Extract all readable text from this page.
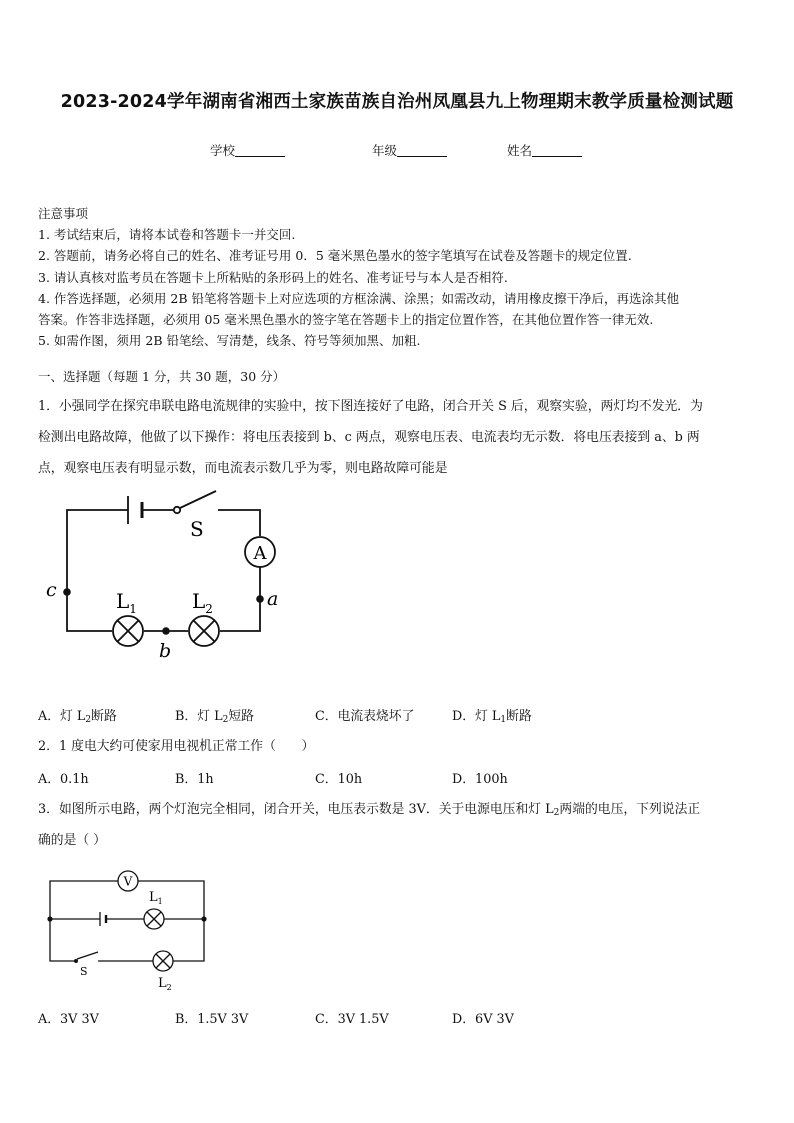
2023-2024学年湖南省湘西土家族苗族自治州凤凰县九上物理期末教学质量检测试题
学校	年级	姓名
注意事项
1. 考试结束后，请将本试卷和答题卡一并交回.
2. 答题前，请务必将自己的姓名、准考证号用 0．5 毫米黑色墨水的签字笔填写在试卷及答题卡的规定位置.
3. 请认真核对监考员在答题卡上所粘贴的条形码上的姓名、准考证号与本人是否相符.
4. 作答选择题，必须用 2B 铅笔将答题卡上对应选项的方框涂满、涂黑；如需改动，请用橡皮擦干净后，再选涂其他
答案。作答非选择题，必须用 05 毫米黑色墨水的签字笔在答题卡上的指定位置作答，在其他位置作答一律无效.
5. 如需作图，须用 2B 铅笔绘、写清楚，线条、符号等须加黑、加粗.
一、选择题（每题 1 分，共 30 题，30 分）
1．小强同学在探究串联电路电流规律的实验中，按下图连接好了电路，闭合开关 S 后，观察实验，两灯均不发光．为
检测出电路故障，他做了以下操作：将电压表接到 b、c 两点，观察电压表、电流表均无示数．将电压表接到 a、b 两
点，观察电压表有明显示数，而电流表示数几乎为零，则电路故障可能是
S
A
$L_1$	$L_2$
c	a
b
A．灯 $L_2$断路	B．灯 $L_2$短路	C．电流表烧坏了	D．灯 $L_1$断路
2．1 度电大约可使家用电视机正常工作（　　）
A．0.1h	B．1h	C．10h	D．100h
3．如图所示电路，两个灯泡完全相同，闭合开关，电压表示数是 3V．关于电源电压和灯 $L_2$两端的电压，下列说法正
确的是（ ）
V
$L_1$
$L_2$
S
A．3V 3V	B．1.5V 3V	C．3V 1.5V	D．6V 3V
